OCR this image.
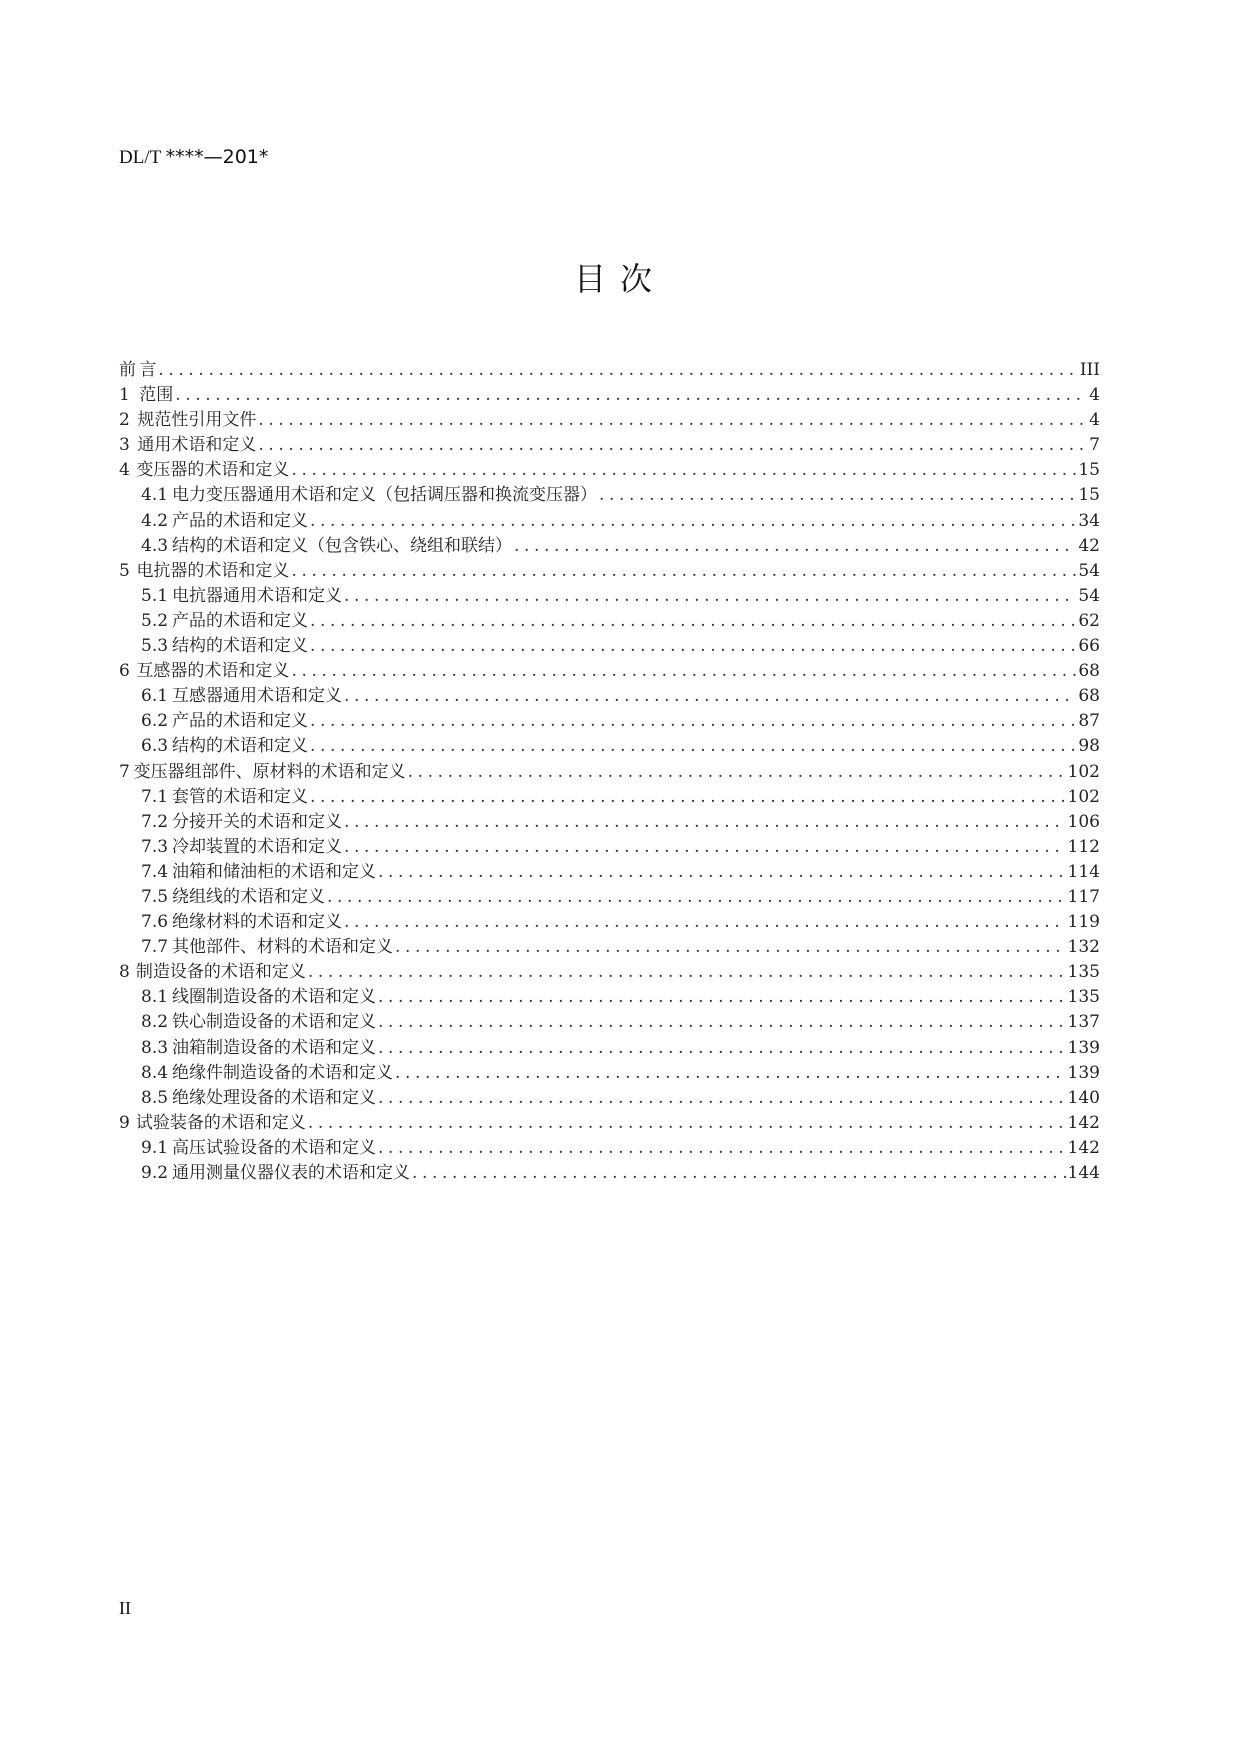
DL/T ****—201*
目次
前 言 .....	III
1 范围 .....	4
2 规范性引用文件 .....	4
3 通用术语和定义 .....	7
4 变压器的术语和定义 .....	15
4.1 电力变压器通用术语和定义（包括调压器和换流变压器） .....	15
4.2 产品的术语和定义 .....	34
4.3 结构的术语和定义（包含铁心、绕组和联结） .....	42
5 电抗器的术语和定义 .....	54
5.1 电抗器通用术语和定义 .....	54
5.2 产品的术语和定义 .....	62
5.3 结构的术语和定义 .....	66
6 互感器的术语和定义 .....	68
6.1 互感器通用术语和定义 .....	68
6.2 产品的术语和定义 .....	87
6.3 结构的术语和定义 .....	98
7 变压器组部件、原材料的术语和定义 .....	102
7.1 套管的术语和定义 .....	102
7.2 分接开关的术语和定义 .....	106
7.3 冷却装置的术语和定义 .....	112
7.4 油箱和储油柜的术语和定义 .....	114
7.5 绕组线的术语和定义 .....	117
7.6 绝缘材料的术语和定义 .....	119
7.7 其他部件、材料的术语和定义 .....	132
8 制造设备的术语和定义 .....	135
8.1 线圈制造设备的术语和定义 .....	135
8.2 铁心制造设备的术语和定义 .....	137
8.3 油箱制造设备的术语和定义 .....	139
8.4 绝缘件制造设备的术语和定义 .....	139
8.5 绝缘处理设备的术语和定义 .....	140
9 试验装备的术语和定义 .....	142
9.1 高压试验设备的术语和定义 .....	142
9.2 通用测量仪器仪表的术语和定义 .....	144
II
